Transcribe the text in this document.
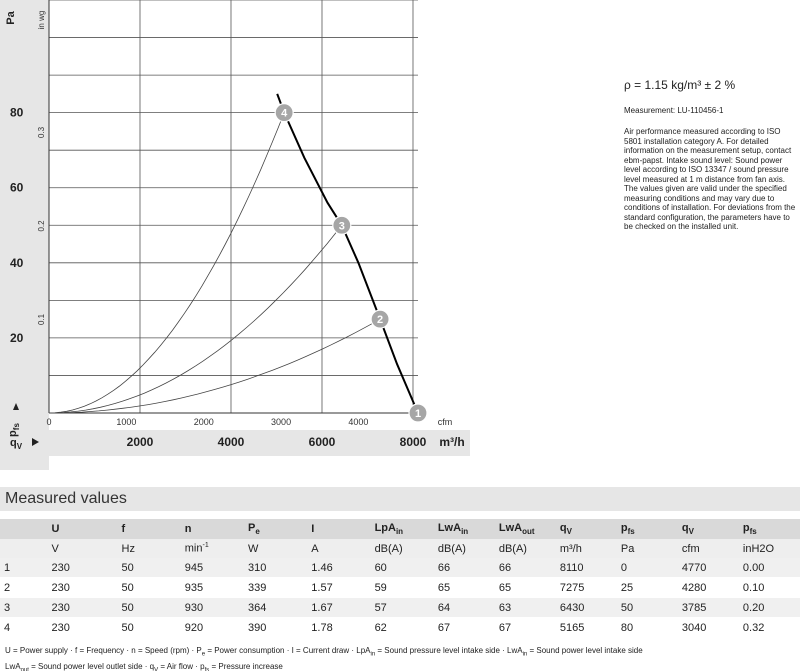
1
2
3
4
20
40
60
80
Pa
0.1
0.2
0.3
in wg
$p_{fs}$	0	1000	2000	3000	4000	cfm
2000	4000	6000	8000 m³/h
$q_V$

ρ = 1.15 kg/m³ ± 2 %

Measurement: LU-110456-1

Air performance measured according to ISO 5801 installation category A. For detailed information on the measurement setup, contact ebm-papst. Intake sound level: Sound power level according to ISO 13347 / sound pressure level measured at 1 m distance from fan axis. The values given are valid under the specified measuring conditions and may vary due to conditions of installation. For deviations from the standard configuration, the parameters have to be checked on the installed unit.

Measured values
	U	f	n	$P_e$	I	LpA$_{in}$	LwA$_{in}$	LwA$_{out}$	$q_V$	$p_{fs}$	$q_V$	$p_{fs}$
	V	Hz	$\min^{-1}$	W	A	dB(A)	dB(A)	dB(A)	m³/h	Pa	cfm	inH2O
1	230	50	945	310	1.46	60	66	66	8110	0	4770	0.00
2	230	50	935	339	1.57	59	65	65	7275	25	4280	0.10
3	230	50	930	364	1.67	57	64	63	6430	50	3785	0.20
4	230	50	920	390	1.78	62	67	67	5165	80	3040	0.32
U = Power supply · f = Frequency · n = Speed $(rpm) \cdot P_e$ = Power consumption · I = Current draw · LpA$_{in}$ = Sound pressure level intake side · LwA$_{in}$ = Sound power level intake side
LwA$_{out}$ = Sound power level outlet side · $q_V$ = Air flow · $p_{fs}$ = Pressure increase
